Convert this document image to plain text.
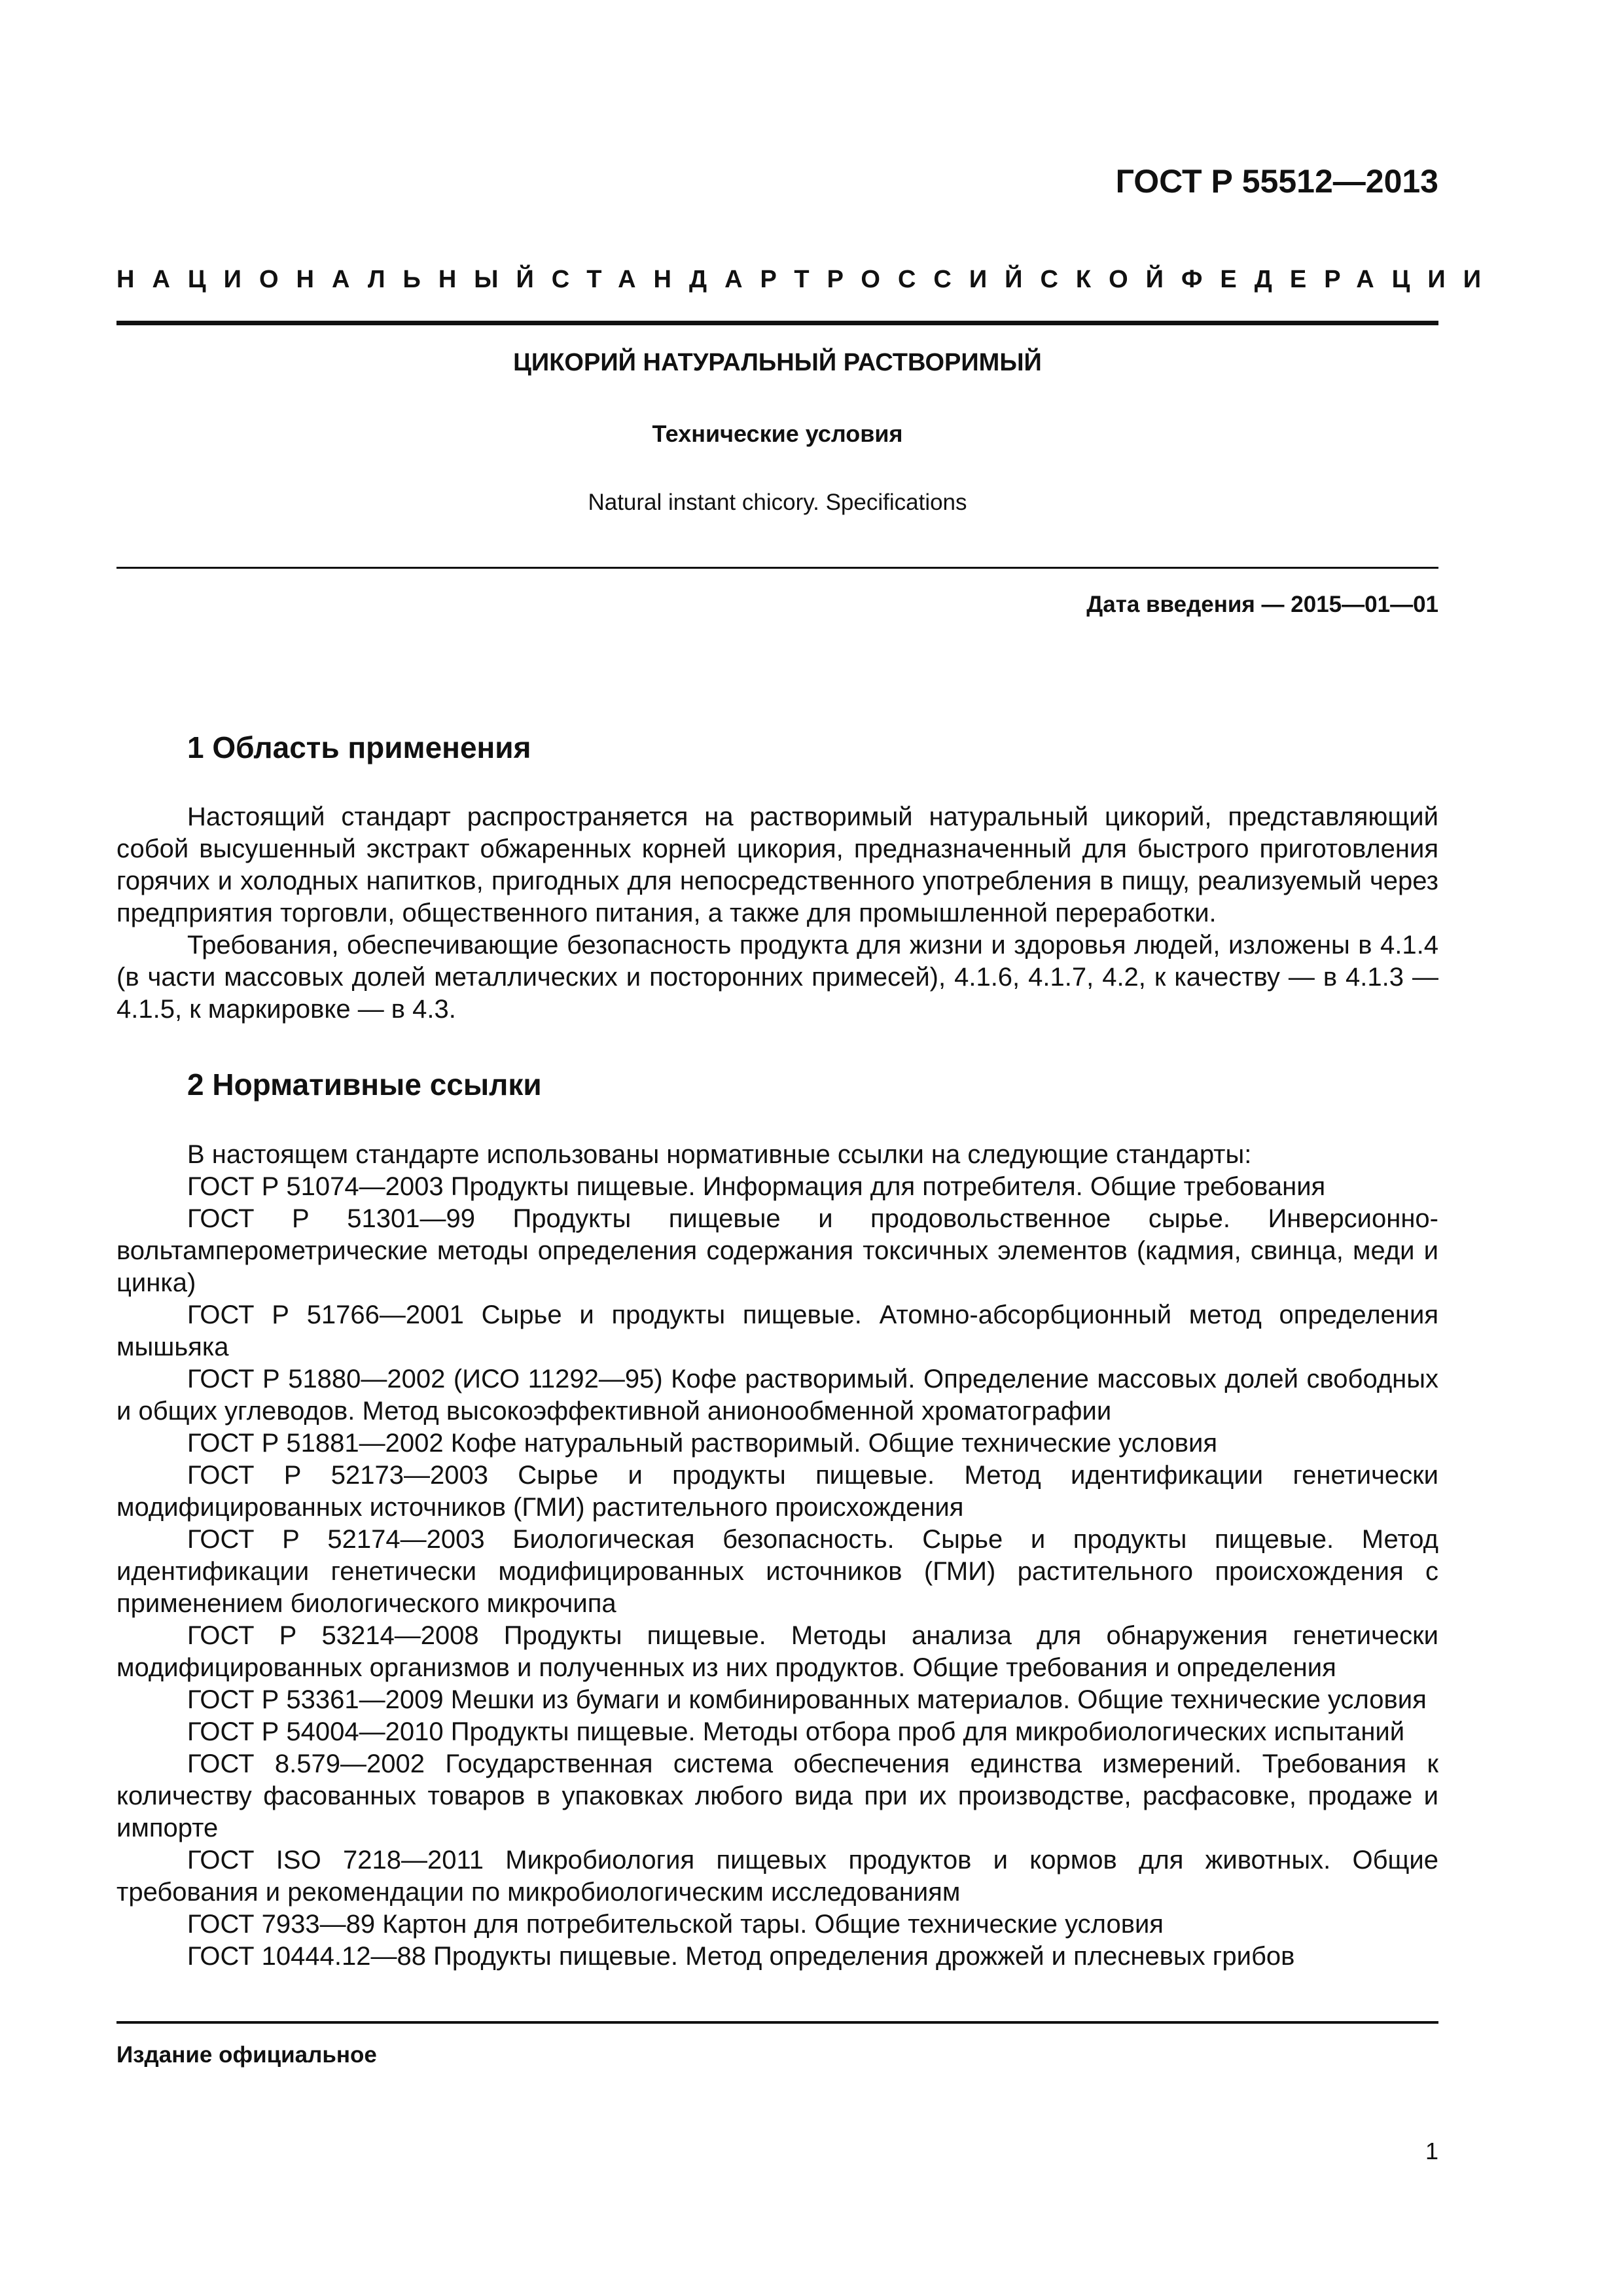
ГОСТ Р 55512—2013
НАЦИОНАЛЬНЫЙ СТАНДАРТ РОССИЙСКОЙ ФЕДЕРАЦИИ
ЦИКОРИЙ НАТУРАЛЬНЫЙ РАСТВОРИМЫЙ
Технические условия
Natural instant chicory. Specifications
Дата введения — 2015—01—01
1 Область применения

Настоящий стандарт распространяется на растворимый натуральный цикорий, представляющий собой высушенный экстракт обжаренных корней цикория, предназначенный для быстрого приготовления горячих и холодных напитков, пригодных для непосредственного употребления в пищу, реализуемый через предприятия торговли, общественного питания, а также для промышленной переработки.

Требования, обеспечивающие безопасность продукта для жизни и здоровья людей, изложены в 4.1.4 (в части массовых долей металлических и посторонних примесей), 4.1.6, 4.1.7, 4.2, к качеству — в 4.1.3 — 4.1.5, к маркировке — в 4.3.

2 Нормативные ссылки

В настоящем стандарте использованы нормативные ссылки на следующие стандарты:

ГОСТ Р 51074—2003 Продукты пищевые. Информация для потребителя. Общие требования

ГОСТ Р 51301—99 Продукты пищевые и продовольственное сырье. Инверсионно-вольтамперометрические методы определения содержания токсичных элементов (кадмия, свинца, меди и цинка)

ГОСТ Р 51766—2001 Сырье и продукты пищевые. Атомно-абсорбционный метод определения мышьяка

ГОСТ Р 51880—2002 (ИСО 11292—95) Кофе растворимый. Определение массовых долей свободных и общих углеводов. Метод высокоэффективной анионообменной хроматографии

ГОСТ Р 51881—2002 Кофе натуральный растворимый. Общие технические условия

ГОСТ Р 52173—2003 Сырье и продукты пищевые. Метод идентификации генетически модифицированных источников (ГМИ) растительного происхождения

ГОСТ Р 52174—2003 Биологическая безопасность. Сырье и продукты пищевые. Метод идентификации генетически модифицированных источников (ГМИ) растительного происхождения с применением биологического микрочипа

ГОСТ Р 53214—2008 Продукты пищевые. Методы анализа для обнаружения генетически модифицированных организмов и полученных из них продуктов. Общие требования и определения

ГОСТ Р 53361—2009 Мешки из бумаги и комбинированных материалов. Общие технические условия

ГОСТ Р 54004—2010 Продукты пищевые. Методы отбора проб для микробиологических испытаний

ГОСТ 8.579—2002 Государственная система обеспечения единства измерений. Требования к количеству фасованных товаров в упаковках любого вида при их производстве, расфасовке, продаже и импорте

ГОСТ ISO 7218—2011 Микробиология пищевых продуктов и кормов для животных. Общие требования и рекомендации по микробиологическим исследованиям

ГОСТ 7933—89 Картон для потребительской тары. Общие технические условия

ГОСТ 10444.12—88 Продукты пищевые. Метод определения дрожжей и плесневых грибов

Издание официальное
1
